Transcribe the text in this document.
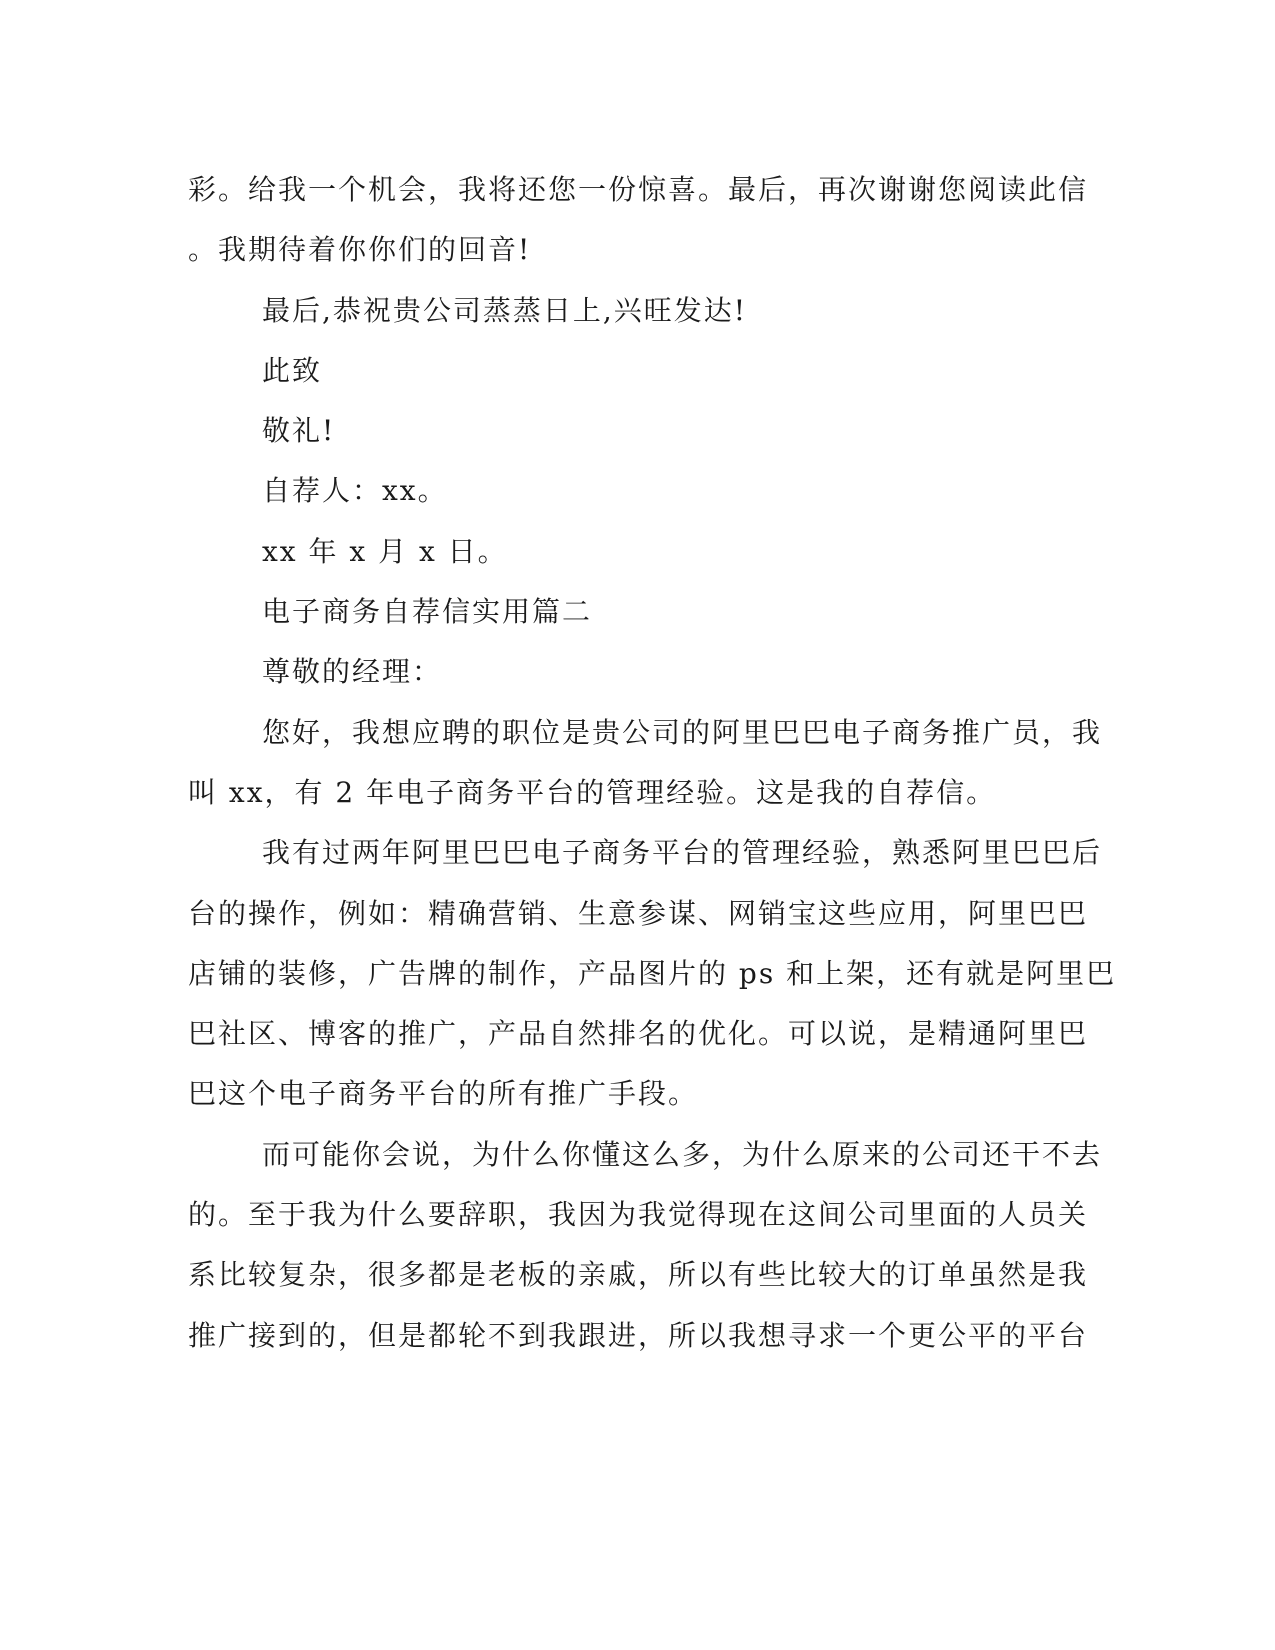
彩。给我一个机会，我将还您一份惊喜。最后，再次谢谢您阅读此信
。我期待着你你们的回音!
最后,恭祝贵公司蒸蒸日上,兴旺发达!
此致
敬礼!
自荐人：xx。
xx 年 x 月 x 日。
电子商务自荐信实用篇二
尊敬的经理：
您好，我想应聘的职位是贵公司的阿里巴巴电子商务推广员，我
叫 xx，有 2 年电子商务平台的管理经验。这是我的自荐信。
我有过两年阿里巴巴电子商务平台的管理经验，熟悉阿里巴巴后
台的操作，例如：精确营销、生意参谋、网销宝这些应用，阿里巴巴
店铺的装修，广告牌的制作，产品图片的 ps 和上架，还有就是阿里巴
巴社区、博客的推广，产品自然排名的优化。可以说，是精通阿里巴
巴这个电子商务平台的所有推广手段。
而可能你会说，为什么你懂这么多，为什么原来的公司还干不去
的。至于我为什么要辞职，我因为我觉得现在这间公司里面的人员关
系比较复杂，很多都是老板的亲戚，所以有些比较大的订单虽然是我
推广接到的，但是都轮不到我跟进，所以我想寻求一个更公平的平台
